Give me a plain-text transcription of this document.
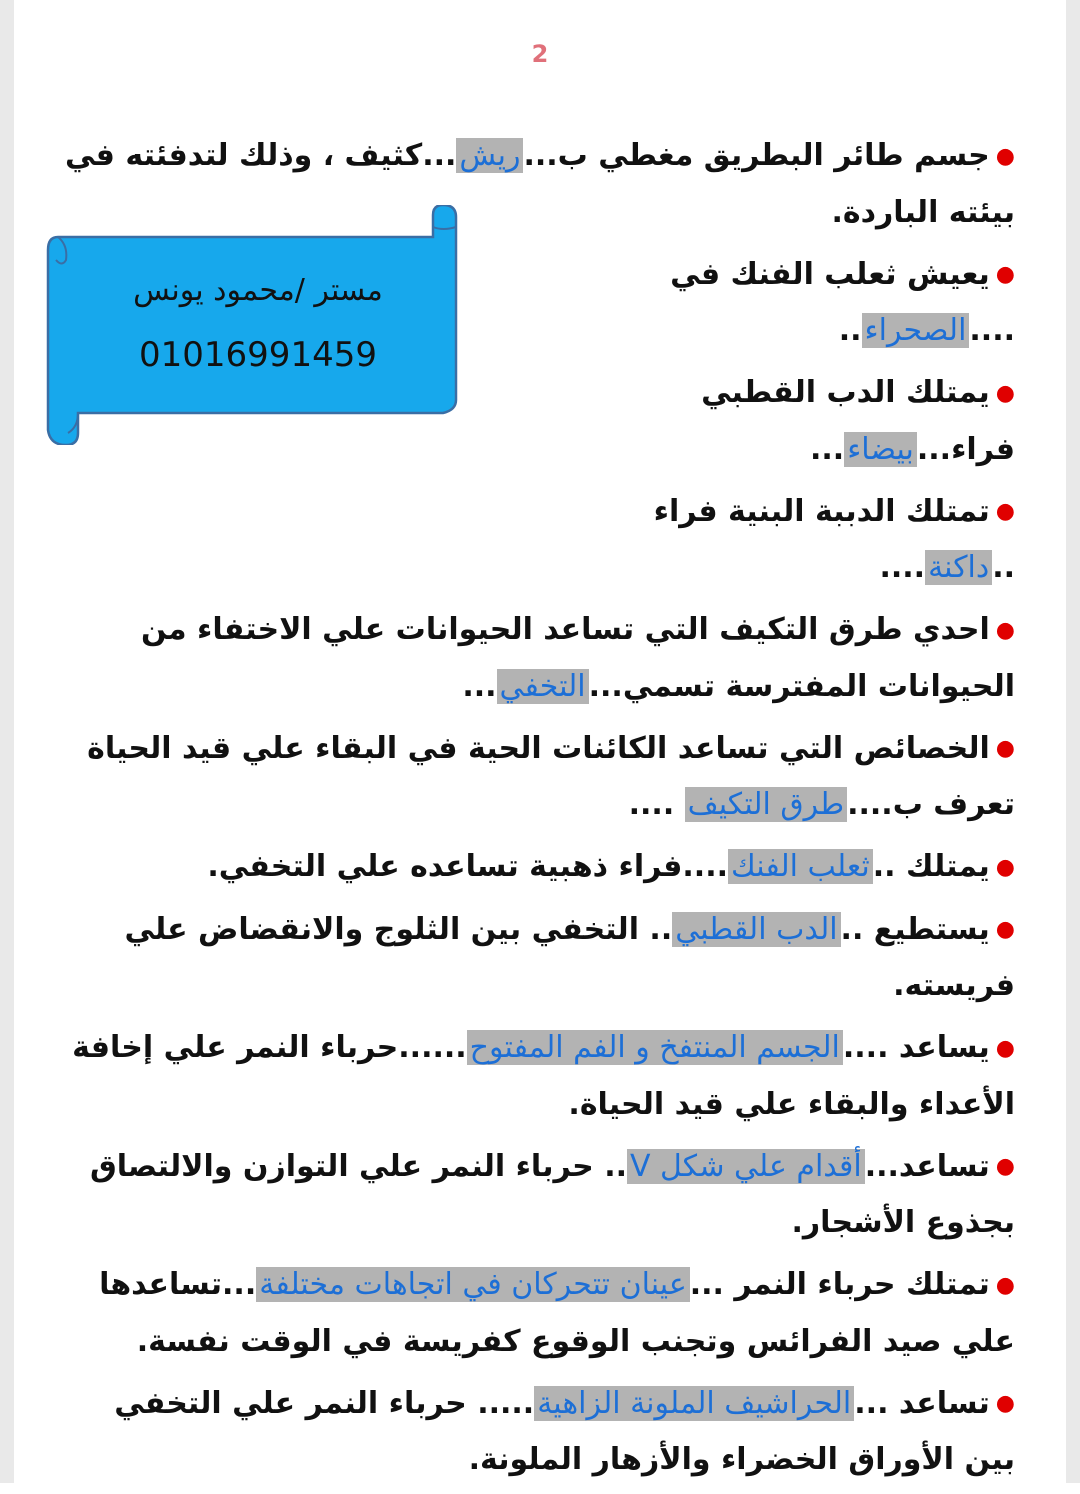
2
●جسم طائر البطريق مغطي ب...ريش...كثيف ، وذلك لتدفئته في بيئته الباردة.
●يعيش ثعلب الفنك في ....الصحراء..
●يمتلك الدب القطبي فراء...بيضاء...
●تمتلك الدببة البنية فراء ..داكنة....
●احدي طرق التكيف التي تساعد الحيوانات علي الاختفاء من الحيوانات المفترسة تسمي...التخفي...
●الخصائص التي تساعد الكائنات الحية في البقاء علي قيد الحياة تعرف ب....طرق التكيف ....
●يمتلك ..ثعلب الفنك....فراء ذهبية تساعده علي التخفي.
●يستطيع ..الدب القطبي.. التخفي بين الثلوج والانقضاض علي فريسته.
●يساعد ....الجسم المنتفخ و الفم المفتوح......حرباء النمر علي إخافة الأعداء والبقاء علي قيد الحياة.
●تساعد...أقدام علي شكل V.. حرباء النمر علي التوازن والالتصاق بجذوع الأشجار.
●تمتلك حرباء النمر ...عينان تتحركان في اتجاهات مختلفة...تساعدها علي صيد الفرائس وتجنب الوقوع كفريسة في الوقت نفسة.
●تساعد ...الحراشيف الملونة الزاهية..... حرباء النمر علي التخفي بين الأوراق الخضراء والأزهار الملونة.
مستر /محمود يونس
01016991459
